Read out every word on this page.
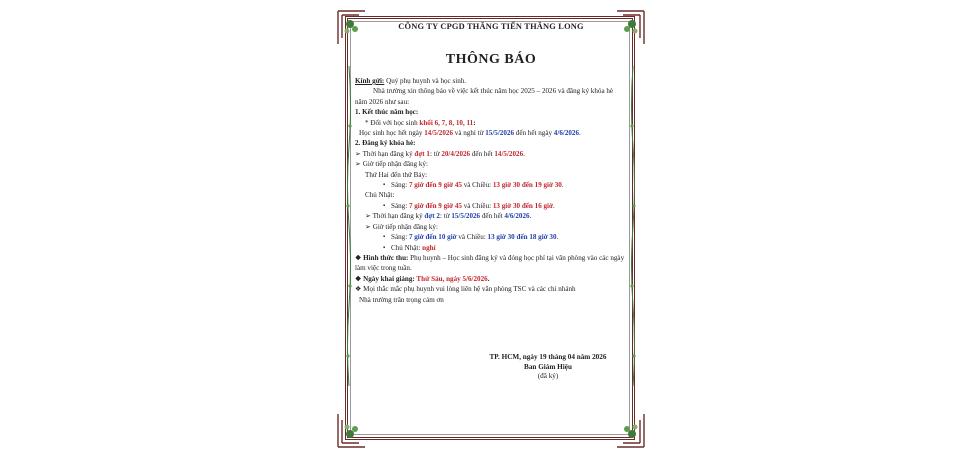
CÔNG TY CPGD THĂNG TIẾN THĂNG LONG
THÔNG BÁO

Kính gửi: Quý phụ huynh và học sinh.

Nhà trường xin thông báo về việc kết thúc năm học 2025 – 2026 và đăng ký khóa hè năm 2026 như sau:

1. Kết thúc năm học:

* Đối với học sinh khối 6, 7, 8, 10, 11:

Học sinh học hết ngày 14/5/2026 và nghỉ từ 15/5/2026 đến hết ngày 4/6/2026.

2. Đăng ký khóa hè:

➢ Thời hạn đăng ký đợt 1: từ 20/4/2026 đến hết 14/5/2026.

➢ Giờ tiếp nhận đăng ký:

Thứ Hai đến thứ Bảy:

▪ Sáng: 7 giờ đến 9 giờ 45 và Chiều: 13 giờ 30 đến 19 giờ 30.

Chủ Nhật:

▪ Sáng: 7 giờ đến 9 giờ 45 và Chiều: 13 giờ 30 đến 16 giờ.

➢ Thời hạn đăng ký đợt 2: từ 15/5/2026 đến hết 4/6/2026.

➢ Giờ tiếp nhận đăng ký:

▪ Sáng: 7 giờ đến 10 giờ và Chiều: 13 giờ 30 đến 18 giờ 30.

▪ Chủ Nhật: nghỉ

❖ Hình thức thu: Phụ huynh – Học sinh đăng ký và đóng học phí tại văn phòng vào các ngày làm việc trong tuần.

❖ Ngày khai giảng: Thứ Sáu, ngày 5/6/2026.

❖ Mọi thắc mắc phụ huynh vui lòng liên hệ văn phòng TSC và các chi nhánh

Nhà trường trân trọng cảm ơn

TP. HCM, ngày 19 tháng 04 năm 2026
Ban Giám Hiệu
(đã ký)
